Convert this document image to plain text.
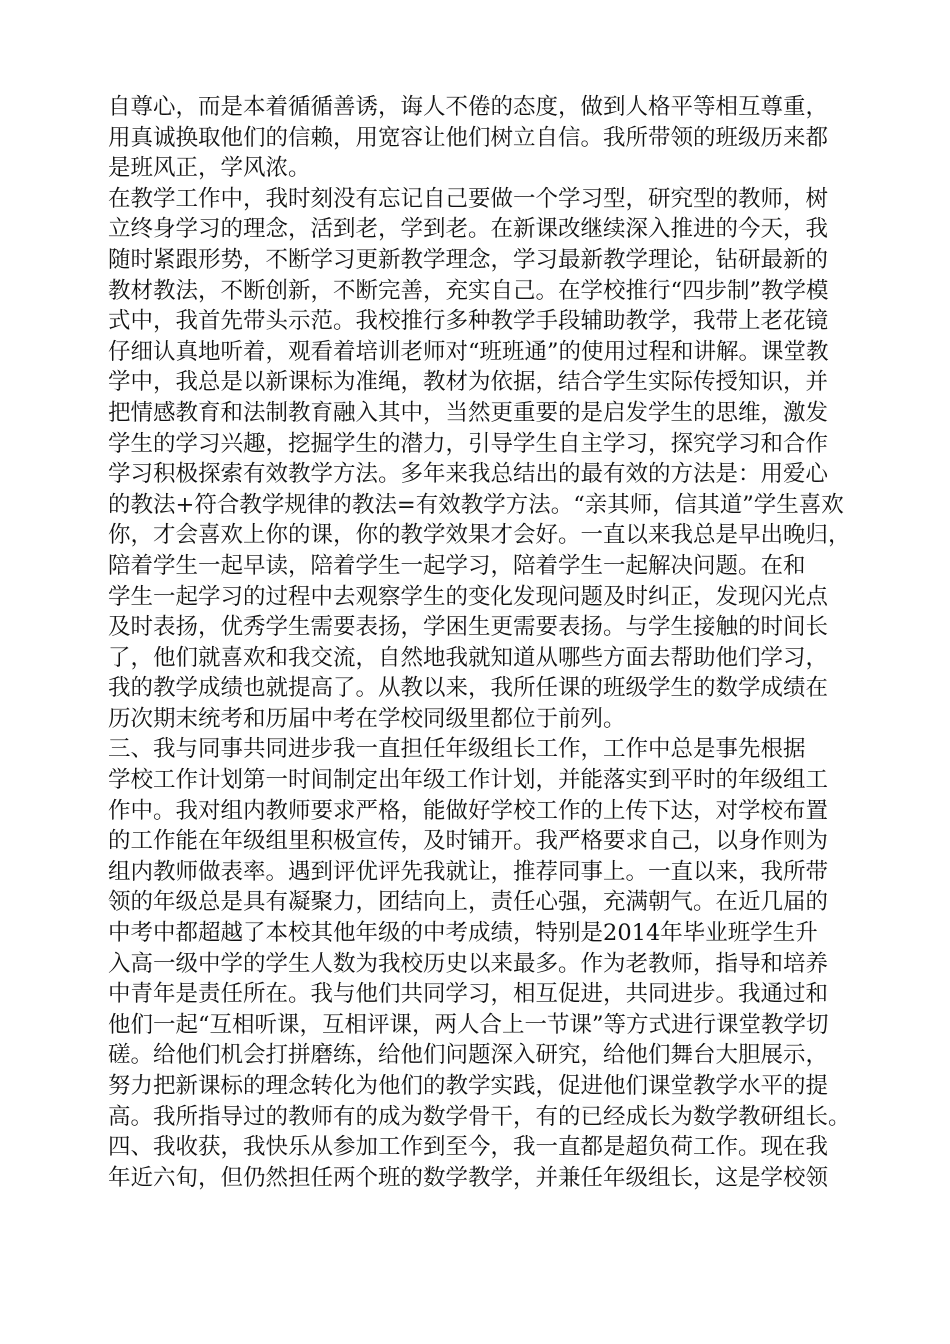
自尊心，而是本着循循善诱，诲人不倦的态度，做到人格平等相互尊重，
用真诚换取他们的信赖，用宽容让他们树立自信。我所带领的班级历来都
是班风正，学风浓。
在教学工作中，我时刻没有忘记自己要做一个学习型，研究型的教师，树
立终身学习的理念，活到老，学到老。在新课改继续深入推进的今天，我
随时紧跟形势，不断学习更新教学理念，学习最新教学理论，钻研最新的
教材教法，不断创新，不断完善，充实自己。在学校推行“四步制”教学模
式中，我首先带头示范。我校推行多种教学手段辅助教学，我带上老花镜
仔细认真地听着，观看着培训老师对“班班通”的使用过程和讲解。课堂教
学中，我总是以新课标为准绳，教材为依据，结合学生实际传授知识，并
把情感教育和法制教育融入其中，当然更重要的是启发学生的思维，激发
学生的学习兴趣，挖掘学生的潜力，引导学生自主学习，探究学习和合作
学习积极探索有效教学方法。多年来我总结出的最有效的方法是：用爱心
的教法+符合教学规律的教法=有效教学方法。“亲其师，信其道”学生喜欢
你，才会喜欢上你的课，你的教学效果才会好。一直以来我总是早出晚归，
陪着学生一起早读，陪着学生一起学习，陪着学生一起解决问题。在和
学生一起学习的过程中去观察学生的变化发现问题及时纠正，发现闪光点
及时表扬，优秀学生需要表扬，学困生更需要表扬。与学生接触的时间长
了，他们就喜欢和我交流，自然地我就知道从哪些方面去帮助他们学习，
我的教学成绩也就提高了。从教以来，我所任课的班级学生的数学成绩在
历次期末统考和历届中考在学校同级里都位于前列。
三、我与同事共同进步我一直担任年级组长工作，工作中总是事先根据
学校工作计划第一时间制定出年级工作计划，并能落实到平时的年级组工
作中。我对组内教师要求严格，能做好学校工作的上传下达，对学校布置
的工作能在年级组里积极宣传，及时铺开。我严格要求自己，以身作则为
组内教师做表率。遇到评优评先我就让，推荐同事上。一直以来，我所带
领的年级总是具有凝聚力，团结向上，责任心强，充满朝气。在近几届的
中考中都超越了本校其他年级的中考成绩，特别是2014年毕业班学生升
入高一级中学的学生人数为我校历史以来最多。作为老教师，指导和培养
中青年是责任所在。我与他们共同学习，相互促进，共同进步。我通过和
他们一起“互相听课，互相评课，两人合上一节课”等方式进行课堂教学切
磋。给他们机会打拼磨练，给他们问题深入研究，给他们舞台大胆展示，
努力把新课标的理念转化为他们的教学实践，促进他们课堂教学水平的提
高。我所指导过的教师有的成为数学骨干，有的已经成长为数学教研组长。
四、我收获，我快乐从参加工作到至今，我一直都是超负荷工作。现在我
年近六旬，但仍然担任两个班的数学教学，并兼任年级组长，这是学校领
